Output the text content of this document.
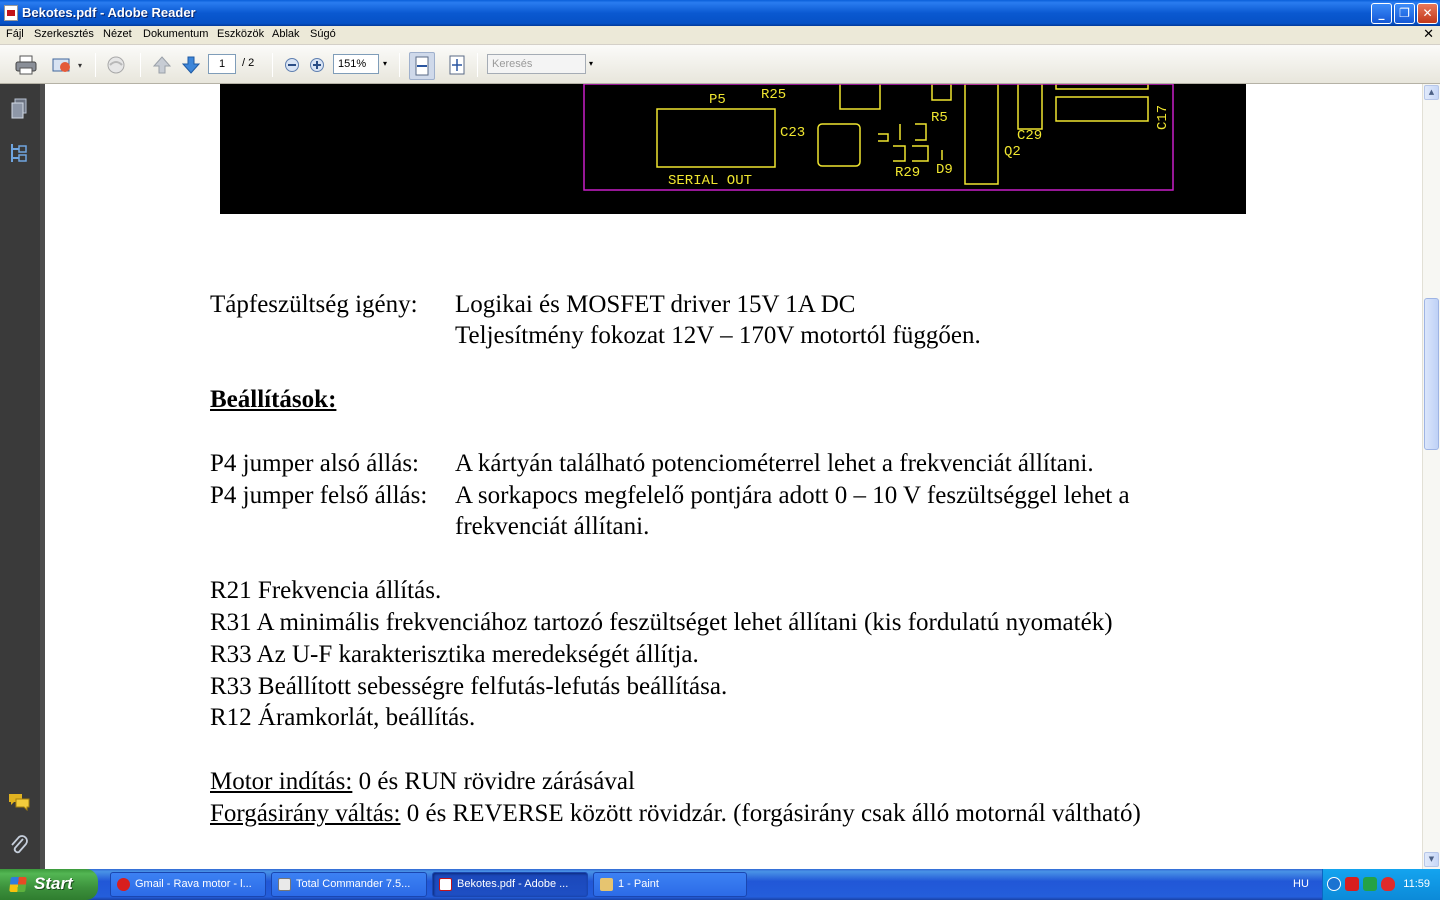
Bekotes.pdf - Adobe Reader	_	❐	✕
Fájl Szerkesztés Nézet Dokumentum Eszközök Ablak Súgó	✕
▾	1	/ 2	151%	▾	Keresés	▾
P5	R25
R5
C23	C29
Q2
R29 D9
SERIAL OUT
C17
Tápfeszültség igény: Logikai és MOSFET driver 15V 1A DC
Teljesítmény fokozat 12V – 170V motortól függően.
Beállítások:
P4 jumper alsó állás: A kártyán található potenciométerrel lehet a frekvenciát állítani.
P4 jumper felső állás: A sorkapocs megfelelő pontjára adott 0 – 10 V feszültséggel lehet a
frekvenciát állítani.
R21 Frekvencia állítás.
R31 A minimális frekvenciához tartozó feszültséget lehet állítani (kis fordulatú nyomaték)
R33 Az U-F karakterisztika meredekségét állítja.
R33 Beállított sebességre felfutás-lefutás beállítása.
R12 Áramkorlát, beállítás.
Motor indítás: 0 és RUN rövidre zárásával
Forgásirány váltás: 0 és REVERSE között rövidzár. (forgásirány csak álló motornál váltható)
▲
▼
Start	Gmail - Rava motor - l...	Total Commander 7.5...	Bekotes.pdf - Adobe ...	1 - Paint	HU	11:59
